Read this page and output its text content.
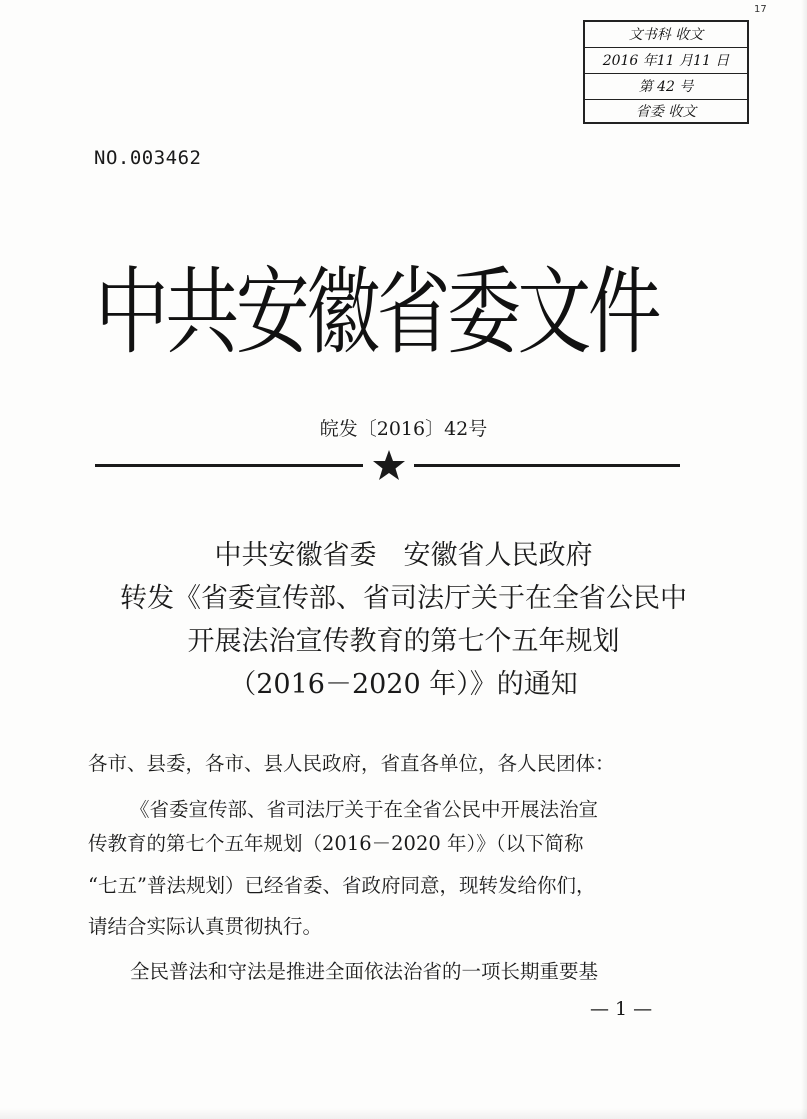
17
文书科 收文
2016 年11 月11 日
第 42 号
省委 收文
NO.003462
中共安徽省委文件
皖发〔2016〕42号
中共安徽省委　安徽省人民政府
转发《省委宣传部、省司法厅关于在全省公民中
开展法治宣传教育的第七个五年规划
（2016－2020 年）》的通知
各市、县委，各市、县人民政府，省直各单位，各人民团体：
《省委宣传部、省司法厅关于在全省公民中开展法治宣
传教育的第七个五年规划（2016－2020 年）》（以下简称
“七五”普法规划）已经省委、省政府同意，现转发给你们，
请结合实际认真贯彻执行。
全民普法和守法是推进全面依法治省的一项长期重要基
— 1 —
